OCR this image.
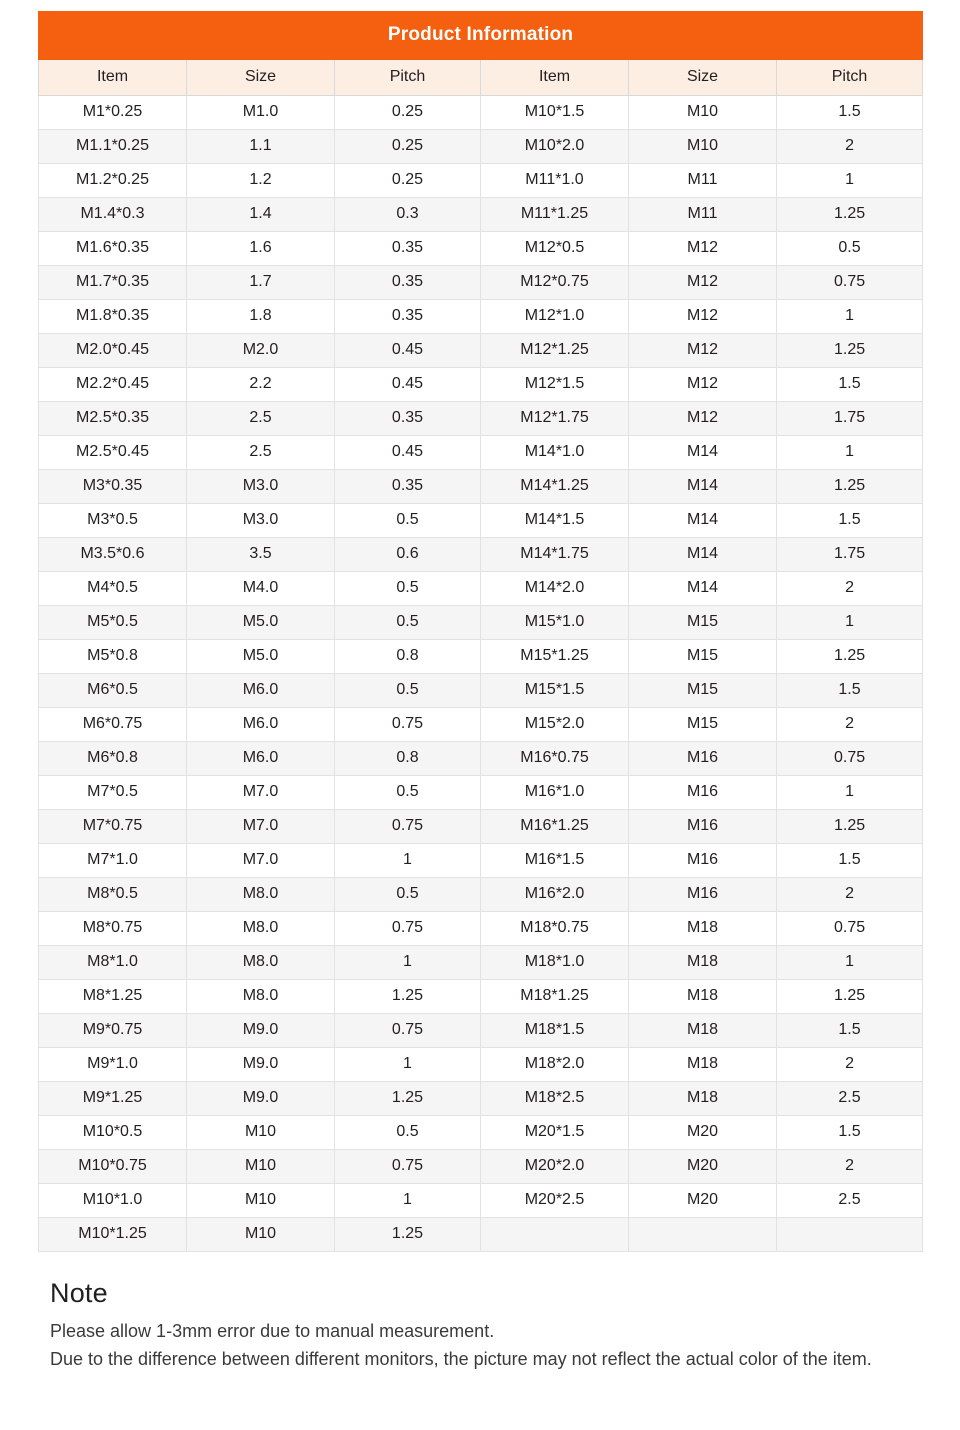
Product Information					
Item	Size	Pitch	Item	Size	Pitch
M1*0.25	M1.0	0.25	M10*1.5	M10	1.5
M1.1*0.25	1.1	0.25	M10*2.0	M10	2
M1.2*0.25	1.2	0.25	M11*1.0	M11	1
M1.4*0.3	1.4	0.3	M11*1.25	M11	1.25
M1.6*0.35	1.6	0.35	M12*0.5	M12	0.5
M1.7*0.35	1.7	0.35	M12*0.75	M12	0.75
M1.8*0.35	1.8	0.35	M12*1.0	M12	1
M2.0*0.45	M2.0	0.45	M12*1.25	M12	1.25
M2.2*0.45	2.2	0.45	M12*1.5	M12	1.5
M2.5*0.35	2.5	0.35	M12*1.75	M12	1.75
M2.5*0.45	2.5	0.45	M14*1.0	M14	1
M3*0.35	M3.0	0.35	M14*1.25	M14	1.25
M3*0.5	M3.0	0.5	M14*1.5	M14	1.5
M3.5*0.6	3.5	0.6	M14*1.75	M14	1.75
M4*0.5	M4.0	0.5	M14*2.0	M14	2
M5*0.5	M5.0	0.5	M15*1.0	M15	1
M5*0.8	M5.0	0.8	M15*1.25	M15	1.25
M6*0.5	M6.0	0.5	M15*1.5	M15	1.5
M6*0.75	M6.0	0.75	M15*2.0	M15	2
M6*0.8	M6.0	0.8	M16*0.75	M16	0.75
M7*0.5	M7.0	0.5	M16*1.0	M16	1
M7*0.75	M7.0	0.75	M16*1.25	M16	1.25
M7*1.0	M7.0	1	M16*1.5	M16	1.5
M8*0.5	M8.0	0.5	M16*2.0	M16	2
M8*0.75	M8.0	0.75	M18*0.75	M18	0.75
M8*1.0	M8.0	1	M18*1.0	M18	1
M8*1.25	M8.0	1.25	M18*1.25	M18	1.25
M9*0.75	M9.0	0.75	M18*1.5	M18	1.5
M9*1.0	M9.0	1	M18*2.0	M18	2
M9*1.25	M9.0	1.25	M18*2.5	M18	2.5
M10*0.5	M10	0.5	M20*1.5	M20	1.5
M10*0.75	M10	0.75	M20*2.0	M20	2
M10*1.0	M10	1	M20*2.5	M20	2.5
M10*1.25	M10	1.25			
Note
Please allow 1-3mm error due to manual measurement.
Due to the difference between different monitors, the picture may not reflect the actual color of the item.
